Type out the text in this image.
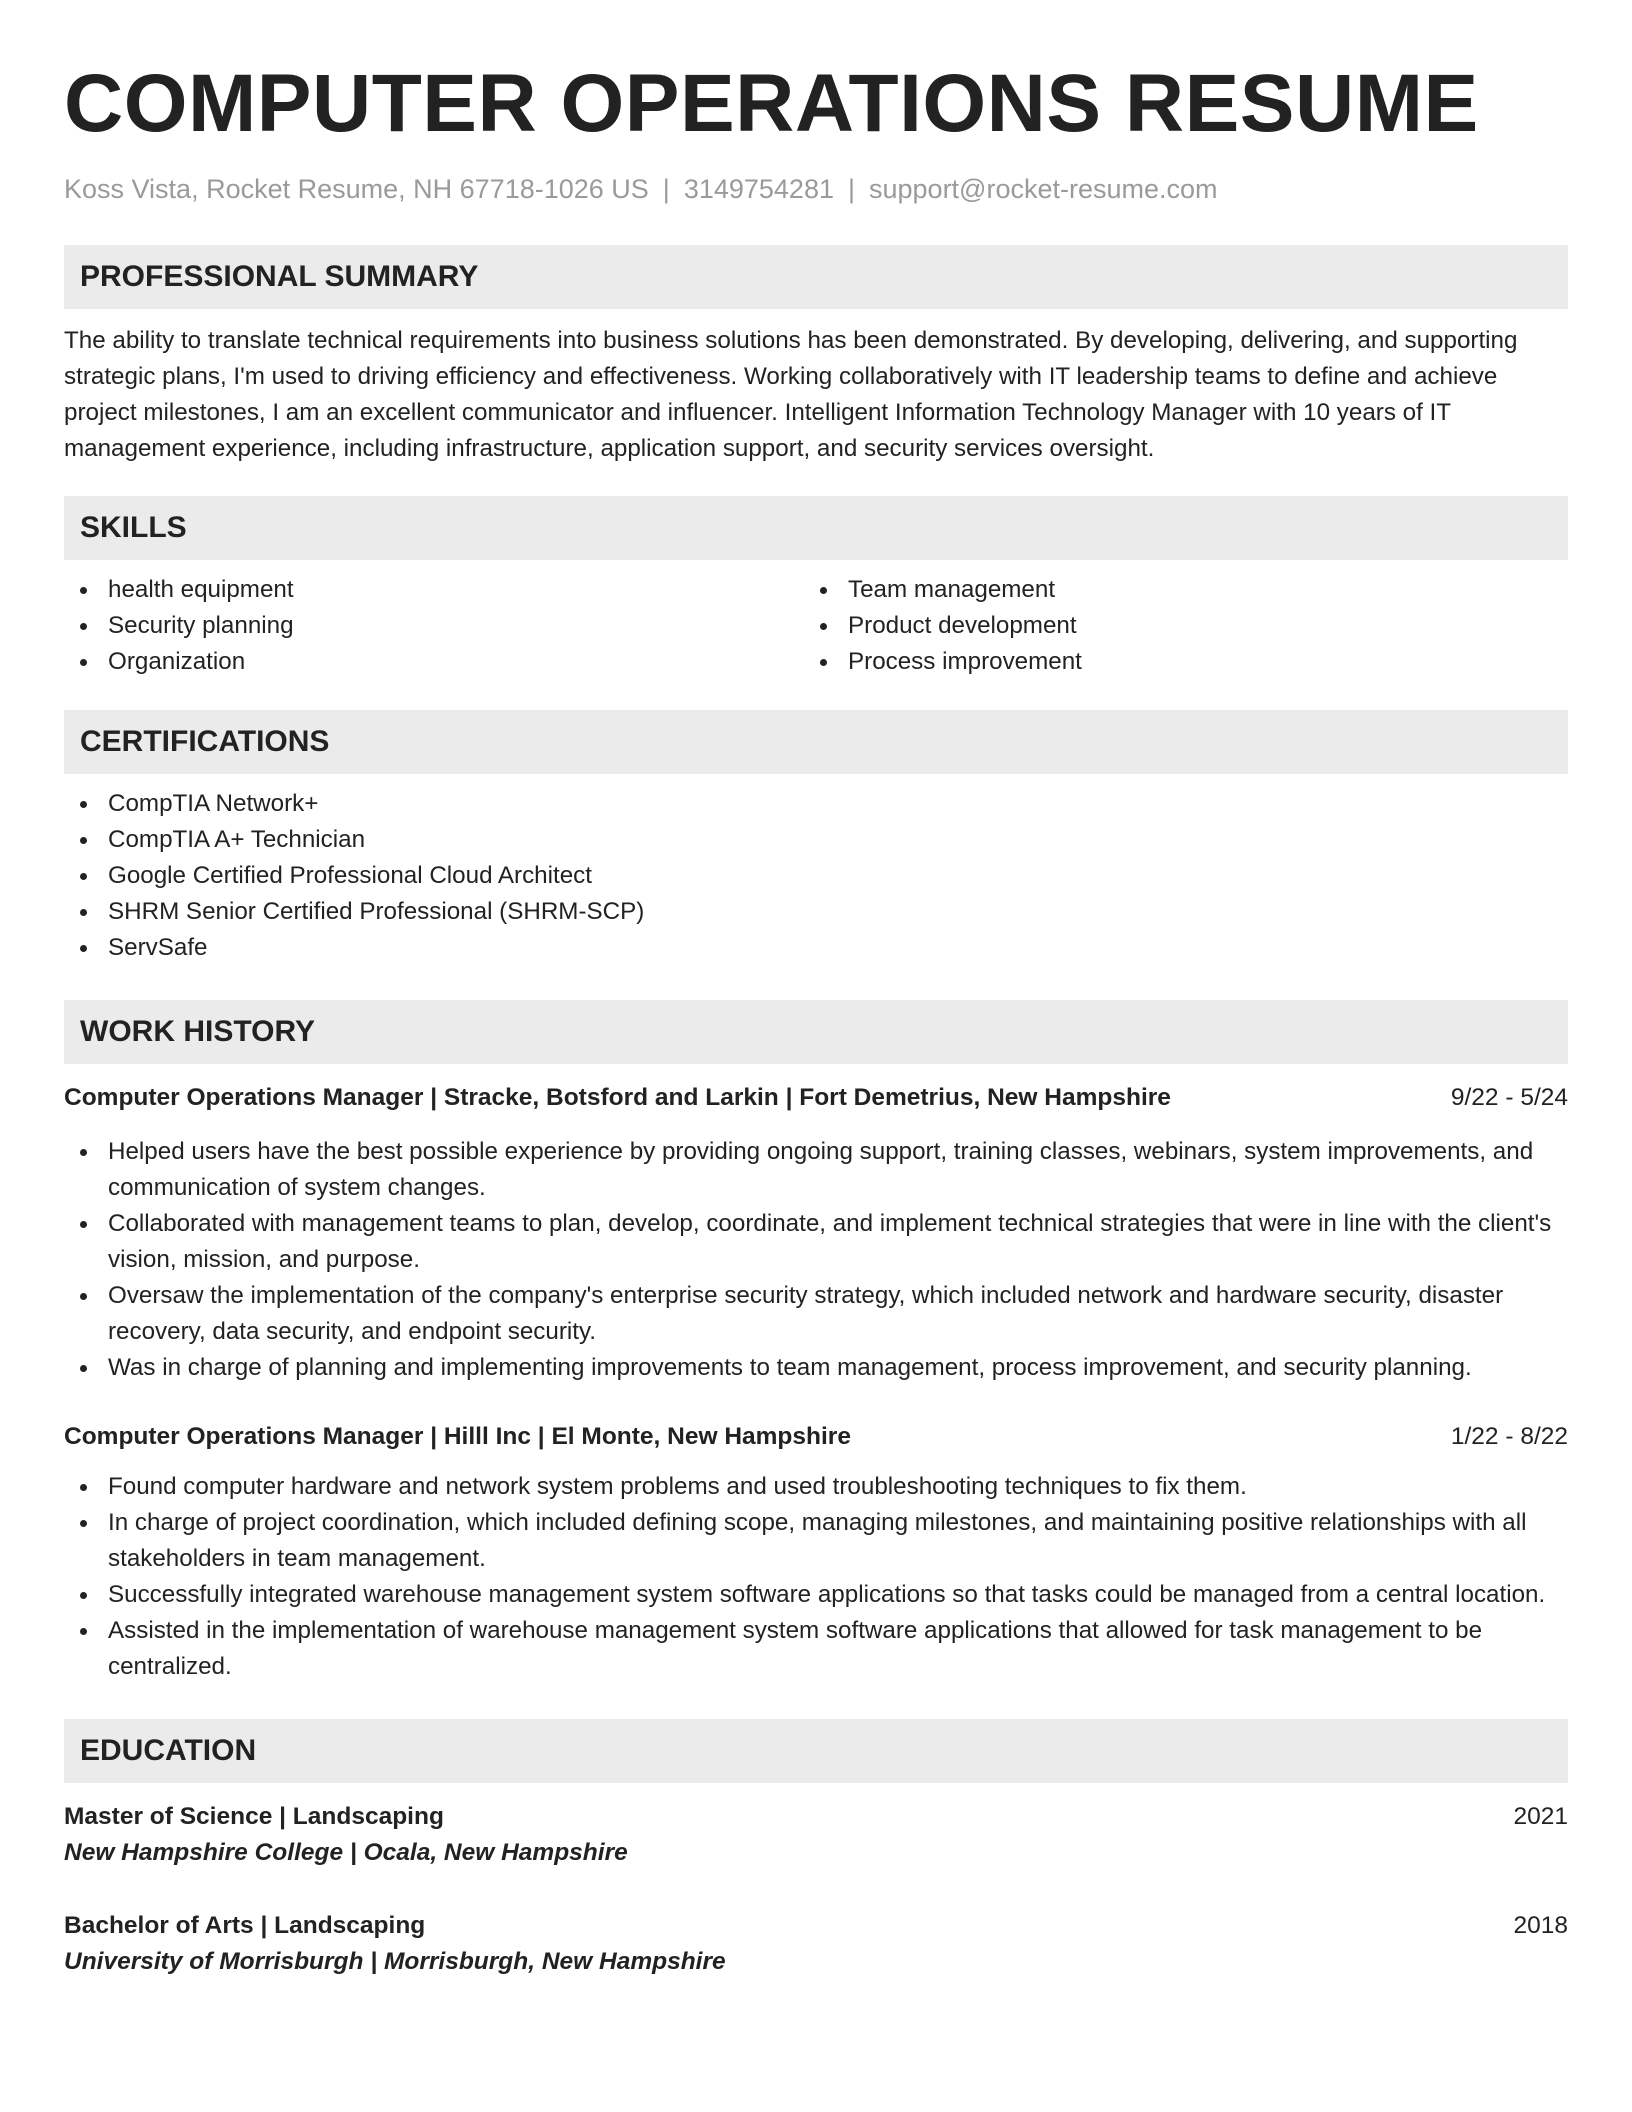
COMPUTER OPERATIONS RESUME
Koss Vista, Rocket Resume, NH 67718-1026 US | 3149754281 | support@rocket-resume.com
PROFESSIONAL SUMMARY

The ability to translate technical requirements into business solutions has been demonstrated. By developing, delivering, and supporting strategic plans, I'm used to driving efficiency and effectiveness. Working collaboratively with IT leadership teams to define and achieve project milestones, I am an excellent communicator and influencer. Intelligent Information Technology Manager with 10 years of IT management experience, including infrastructure, application support, and security services oversight.

SKILLS
health equipment
Security planning
Organization
Team management
Product development
Process improvement
CERTIFICATIONS
CompTIA Network+
CompTIA A+ Technician
Google Certified Professional Cloud Architect
SHRM Senior Certified Professional (SHRM-SCP)
ServSafe
WORK HISTORY
Computer Operations Manager | Stracke, Botsford and Larkin | Fort Demetrius, New Hampshire	9/22 - 5/24
Helped users have the best possible experience by providing ongoing support, training classes, webinars, system improvements, and communication of system changes.
Collaborated with management teams to plan, develop, coordinate, and implement technical strategies that were in line with the client's vision, mission, and purpose.
Oversaw the implementation of the company's enterprise security strategy, which included network and hardware security, disaster recovery, data security, and endpoint security.
Was in charge of planning and implementing improvements to team management, process improvement, and security planning.
Computer Operations Manager | Hilll Inc | El Monte, New Hampshire	1/22 - 8/22
Found computer hardware and network system problems and used troubleshooting techniques to fix them.
In charge of project coordination, which included defining scope, managing milestones, and maintaining positive relationships with all stakeholders in team management.
Successfully integrated warehouse management system software applications so that tasks could be managed from a central location.
Assisted in the implementation of warehouse management system software applications that allowed for task management to be centralized.
EDUCATION
Master of Science | Landscaping	2021
New Hampshire College | Ocala, New Hampshire
Bachelor of Arts | Landscaping	2018
University of Morrisburgh | Morrisburgh, New Hampshire
